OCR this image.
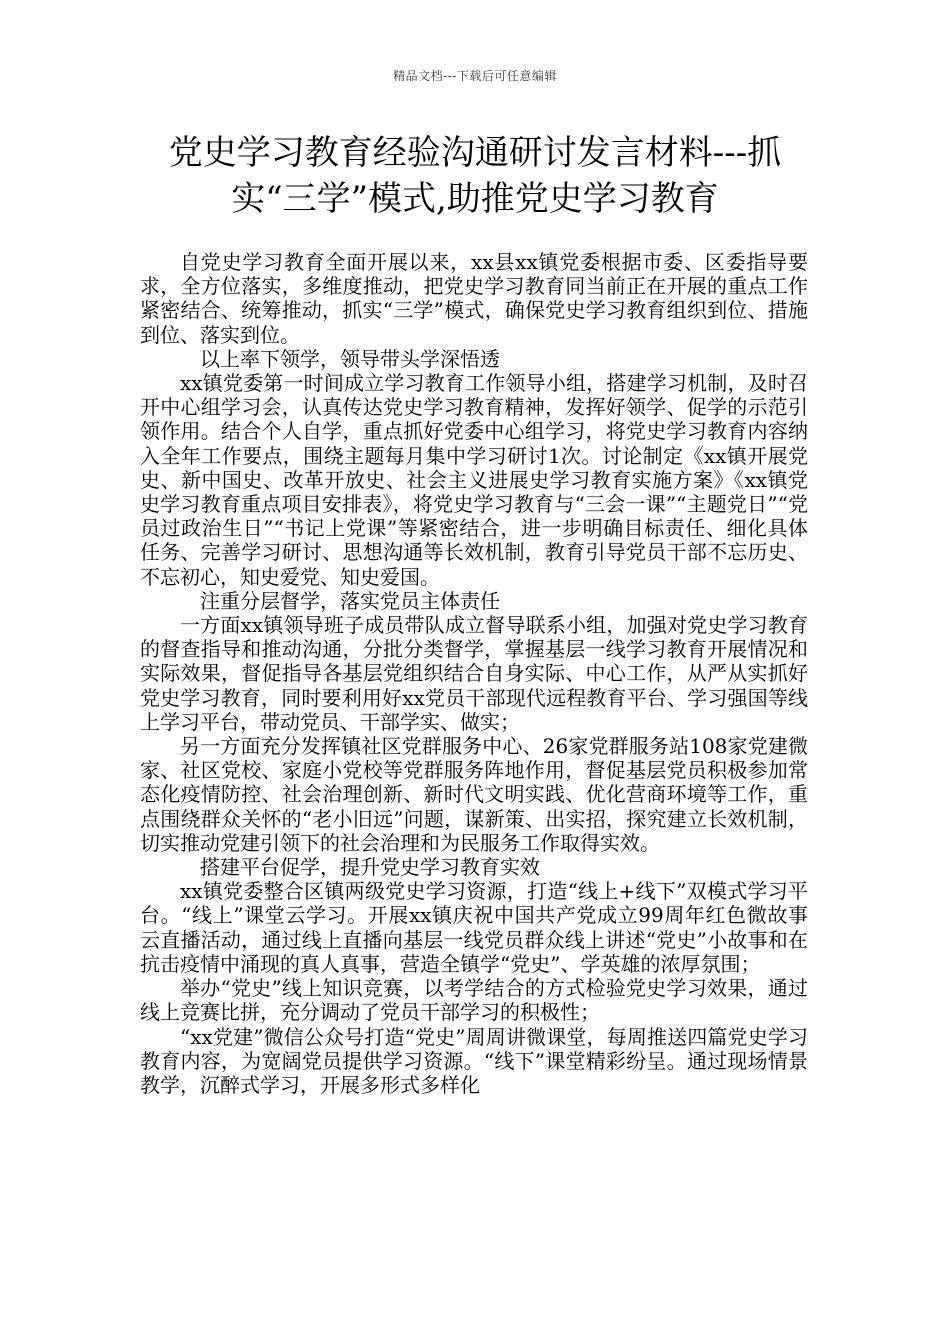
精品文档---下载后可任意编辑
党史学习教育经验沟通研讨发言材料---抓
实“三学”模式,助推党史学习教育

自党史学习教育全面开展以来，xx县xx镇党委根据市委、区委指导要求，全方位落实，多维度推动，把党史学习教育同当前正在开展的重点工作紧密结合、统筹推动，抓实“三学”模式，确保党史学习教育组织到位、措施到位、落实到位。

以上率下领学，领导带头学深悟透

xx镇党委第一时间成立学习教育工作领导小组，搭建学习机制，及时召开中心组学习会，认真传达党史学习教育精神，发挥好领学、促学的示范引领作用。结合个人自学，重点抓好党委中心组学习，将党史学习教育内容纳入全年工作要点，围绕主题每月集中学习研讨1次。讨论制定《xx镇开展党史、新中国史、改革开放史、社会主义进展史学习教育实施方案》《xx镇党史学习教育重点项目安排表》，将党史学习教育与“三会一课”“主题党日”“党员过政治生日”“书记上党课”等紧密结合，进一步明确目标责任、细化具体任务、完善学习研讨、思想沟通等长效机制，教育引导党员干部不忘历史、不忘初心，知史爱党、知史爱国。

注重分层督学，落实党员主体责任

一方面xx镇领导班子成员带队成立督导联系小组，加强对党史学习教育的督查指导和推动沟通，分批分类督学，掌握基层一线学习教育开展情况和实际效果，督促指导各基层党组织结合自身实际、中心工作，从严从实抓好党史学习教育，同时要利用好xx党员干部现代远程教育平台、学习强国等线上学习平台，带动党员、干部学实、做实；

另一方面充分发挥镇社区党群服务中心、26家党群服务站108家党建微家、社区党校、家庭小党校等党群服务阵地作用，督促基层党员积极参加常态化疫情防控、社会治理创新、新时代文明实践、优化营商环境等工作，重点围绕群众关怀的“老小旧远”问题，谋新策、出实招，探究建立长效机制，切实推动党建引领下的社会治理和为民服务工作取得实效。

搭建平台促学，提升党史学习教育实效

xx镇党委整合区镇两级党史学习资源，打造“线上+线下”双模式学习平台。“线上”课堂云学习。开展xx镇庆祝中国共产党成立99周年红色微故事云直播活动，通过线上直播向基层一线党员群众线上讲述“党史”小故事和在抗击疫情中涌现的真人真事，营造全镇学“党史”、学英雄的浓厚氛围；

举办“党史”线上知识竞赛，以考学结合的方式检验党史学习效果，通过线上竞赛比拼，充分调动了党员干部学习的积极性；

“xx党建”微信公众号打造“党史”周周讲微课堂，每周推送四篇党史学习教育内容，为宽阔党员提供学习资源。“线下”课堂精彩纷呈。通过现场情景教学，沉醉式学习，开展多形式多样化
